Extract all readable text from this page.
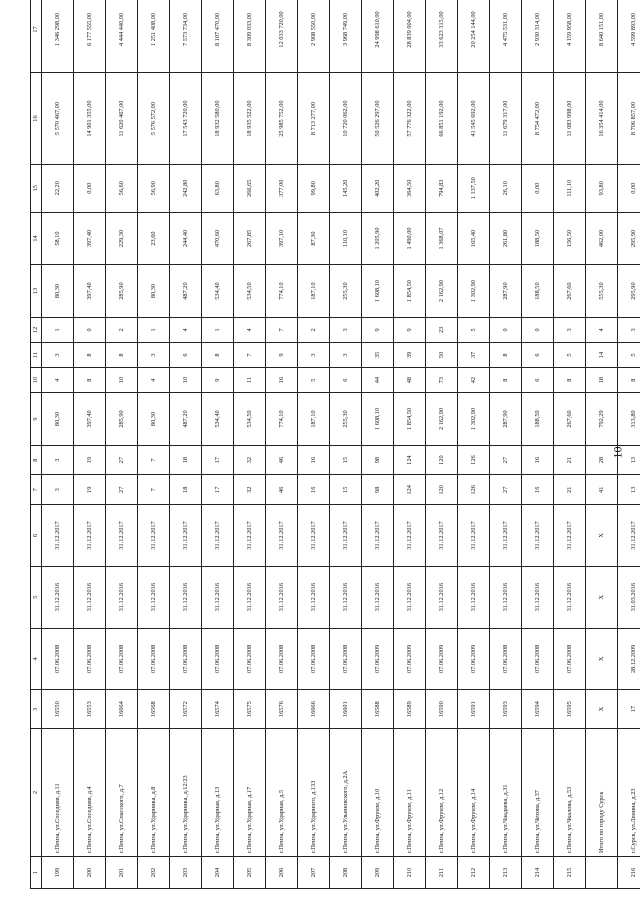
1	2	3	4	5	6	7	8	9	10	11	12	13	14	15	16	17				
199	г.Пенза, ул.Соседняя, д.11	16550	07.06.2008	31.12.2016	31.12.2017	3	3	80,30	4	3	1	80,30	58,10	22,20	5 570 467,00	1 346 298,00				
200	г.Пенза, ул.Соседняя, д.4	16553	07.06.2008	31.12.2016	31.12.2017	19	19	397,40	8	8	0	397,40	397,40	0,00	14 901 355,00	6 177 555,00				
201	г.Пенза, ул.Спасского, д.7	16664	07.06.2008	31.12.2016	31.12.2017	27	27	285,90	10	8	2	285,90	229,30	56,60	11 620 467,00	4 444 440,00				
202	г.Пенза, ул.Ударника, д.8	16568	07.06.2008	31.12.2016	31.12.2017	7	7	80,30	4	3	1	80,30	23,60	56,90	5 576 572,00	1 251 408,00				
203	г.Пенза, ул.Ударника, д.12/23	16572	07.06.2008	31.12.2016	31.12.2017	18	18	487,20	10	6	4	487,20	244,40	242,80	17 543 720,00	7 573 734,00				
204	г.Пенза, ул.Ударная, д.13	16574	07.06.2008	31.12.2016	31.12.2017	17	17	534,40	9	8	1	534,40	470,60	63,80	18 932 580,00	8 107 470,00				
205	г.Пенза, ул.Ударная, д.17	16575	07.06.2008	31.12.2016	31.12.2017	32	32	534,50	11	7	4	534,50	267,85	266,65	18 935 522,00	8 309 033,00				
206	г.Пенза, ул.Ударная, д.5	16576	07.06.2008	31.12.2016	31.12.2017	46	46	774,10	16	9	7	774,10	397,10	377,00	25 985 752,00	12 033 720,00				
207	г.Пенза, ул.Ударного, д.133	16666	07.06.2008	31.12.2016	31.12.2017	16	16	187,10	5	3	2	187,10	87,30	99,80	8 713 277,00	2 908 550,00				
208	г.Пенза, ул.Ульяновского, д.2А	16601	07.06.2008	31.12.2016	31.12.2017	15	15	255,30	6	3	3	255,30	110,10	145,20	10 720 062,00	3 968 749,00				
209	г.Пенза, ул.Фрунзе, д.10	16588	07.06.2009	31.12.2016	31.12.2017	98	98	1 608,10	44	35	9	1 608,10	1 205,90	402,20	50 526 297,00	24 998 610,00				
210	г.Пенза, ул.Фрунзе, д.11	16589	07.06.2009	31.12.2016	31.12.2017	124	124	1 854,50	48	39	9	1 854,50	1 490,00	364,50	57 776 322,00	28 839 004,00				
211	г.Пенза, ул.Фрунзе, д.12	16590	07.06.2009	31.12.2016	31.12.2017	120	120	2 162,90	73	50	23	2 162,90	1 368,07	794,83	66 851 192,00	33 623 315,00				
212	г.Пенза, ул.Фрунзе, д.14	16591	07.06.2009	31.12.2016	31.12.2017	126	126	1 302,90	42	37	5	1 302,90	165,40	1 137,50	41 545 692,00	20 254 144,00				
213	г.Пенза, ул.Чаадаева, д.31	16593	07.06.2008	31.12.2016	31.12.2017	27	27	287,90	8	8	0	287,90	261,80	26,10	11 679 317,00	4 475 531,00				
214	г.Пенза, ул.Чехова, д.37	16594	07.06.2008	31.12.2016	31.12.2017	16	16	188,50	6	6	0	188,50	188,50	0,00	8 754 472,00	2 930 314,00				
215	г.Пенза, ул.Чкалова, д.53	16595	07.06.2008	31.12.2016	31.12.2017	21	21	267,60	8	5	3	267,60	156,50	111,10	11 083 998,00	4 159 958,00				
	Итого по городу Сурск	X	X	X	X	41	28	792,29	18	14	4	555,30	462,00	93,80	16 354 414,00	8 640 151,00				
216	г.Сурск, ул.Ленина, д.23	17	28.12.2009	31.03.2016	31.12.2017	13	13	313,80	8	5	3	295,90	295,90	0,00	8 706 857,00	4 599 893,00				

10
